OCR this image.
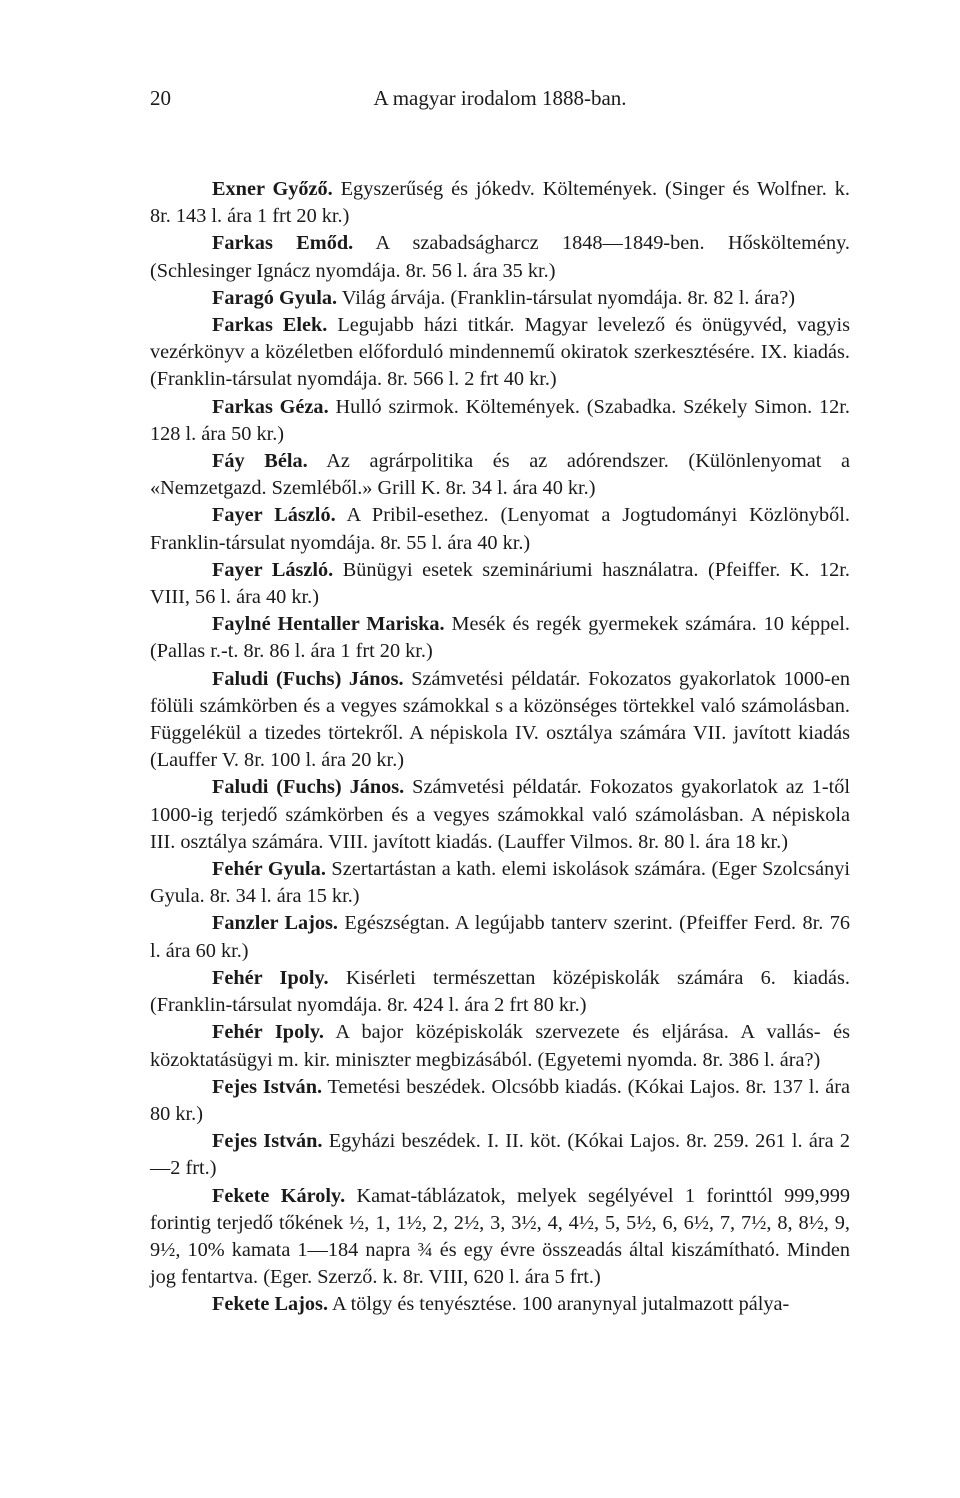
20	A magyar irodalom 1888-ban.

Exner Győző. Egyszerűség és jókedv. Költemények. (Singer és Wolfner. k. 8r. 143 l. ára 1 frt 20 kr.)

Farkas Emőd. A szabadságharcz 1848—1849-ben. Hősköltemény. (Schlesinger Ignácz nyomdája. 8r. 56 l. ára 35 kr.)

Faragó Gyula. Világ árvája. (Franklin-társulat nyomdája. 8r. 82 l. ára?)

Farkas Elek. Legujabb házi titkár. Magyar levelező és önügyvéd, vagyis vezérkönyv a közéletben előforduló mindennemű okiratok szerkesztésére. IX. kiadás. (Franklin-társulat nyomdája. 8r. 566 l. 2 frt 40 kr.)

Farkas Géza. Hulló szirmok. Költemények. (Szabadka. Székely Simon. 12r. 128 l. ára 50 kr.)

Fáy Béla. Az agrárpolitika és az adórendszer. (Különlenyomat a «Nemzetgazd. Szemléből.» Grill K. 8r. 34 l. ára 40 kr.)

Fayer László. A Pribil-esethez. (Lenyomat a Jogtudományi Közlönyből. Franklin-társulat nyomdája. 8r. 55 l. ára 40 kr.)

Fayer László. Bünügyi esetek szemináriumi használatra. (Pfeiffer. K. 12r. VIII, 56 l. ára 40 kr.)

Faylné Hentaller Mariska. Mesék és regék gyermekek számára. 10 képpel. (Pallas r.-t. 8r. 86 l. ára 1 frt 20 kr.)

Faludi (Fuchs) János. Számvetési példatár. Fokozatos gyakorlatok 1000-en fölüli számkörben és a vegyes számokkal s a közönséges törtekkel való számolásban. Függelékül a tizedes törtekről. A népiskola IV. osztálya számára VII. javított kiadás (Lauffer V. 8r. 100 l. ára 20 kr.)

Faludi (Fuchs) János. Számvetési példatár. Fokozatos gyakorlatok az 1-től 1000-ig terjedő számkörben és a vegyes számokkal való számolásban. A népiskola III. osztálya számára. VIII. javított kiadás. (Lauffer Vilmos. 8r. 80 l. ára 18 kr.)

Fehér Gyula. Szertartástan a kath. elemi iskolások számára. (Eger Szolcsányi Gyula. 8r. 34 l. ára 15 kr.)

Fanzler Lajos. Egészségtan. A legújabb tanterv szerint. (Pfeiffer Ferd. 8r. 76 l. ára 60 kr.)

Fehér Ipoly. Kisérleti természettan középiskolák számára 6. kiadás. (Franklin-társulat nyomdája. 8r. 424 l. ára 2 frt 80 kr.)

Fehér Ipoly. A bajor középiskolák szervezete és eljárása. A vallás- és közoktatásügyi m. kir. miniszter megbizásából. (Egyetemi nyomda. 8r. 386 l. ára?)

Fejes István. Temetési beszédek. Olcsóbb kiadás. (Kókai Lajos. 8r. 137 l. ára 80 kr.)

Fejes István. Egyházi beszédek. I. II. köt. (Kókai Lajos. 8r. 259. 261 l. ára 2—2 frt.)

Fekete Károly. Kamat-táblázatok, melyek segélyével 1 forinttól 999,999 forintig terjedő tőkének ½, 1, 1½, 2, 2½, 3, 3½, 4, 4½, 5, 5½, 6, 6½, 7, 7½, 8, 8½, 9, 9½, 10% kamata 1—184 napra ¾ és egy évre összeadás által kiszámítható. Minden jog fentartva. (Eger. Szerző. k. 8r. VIII, 620 l. ára 5 frt.)

Fekete Lajos. A tölgy és tenyésztése. 100 aranynyal jutalmazott pálya-
